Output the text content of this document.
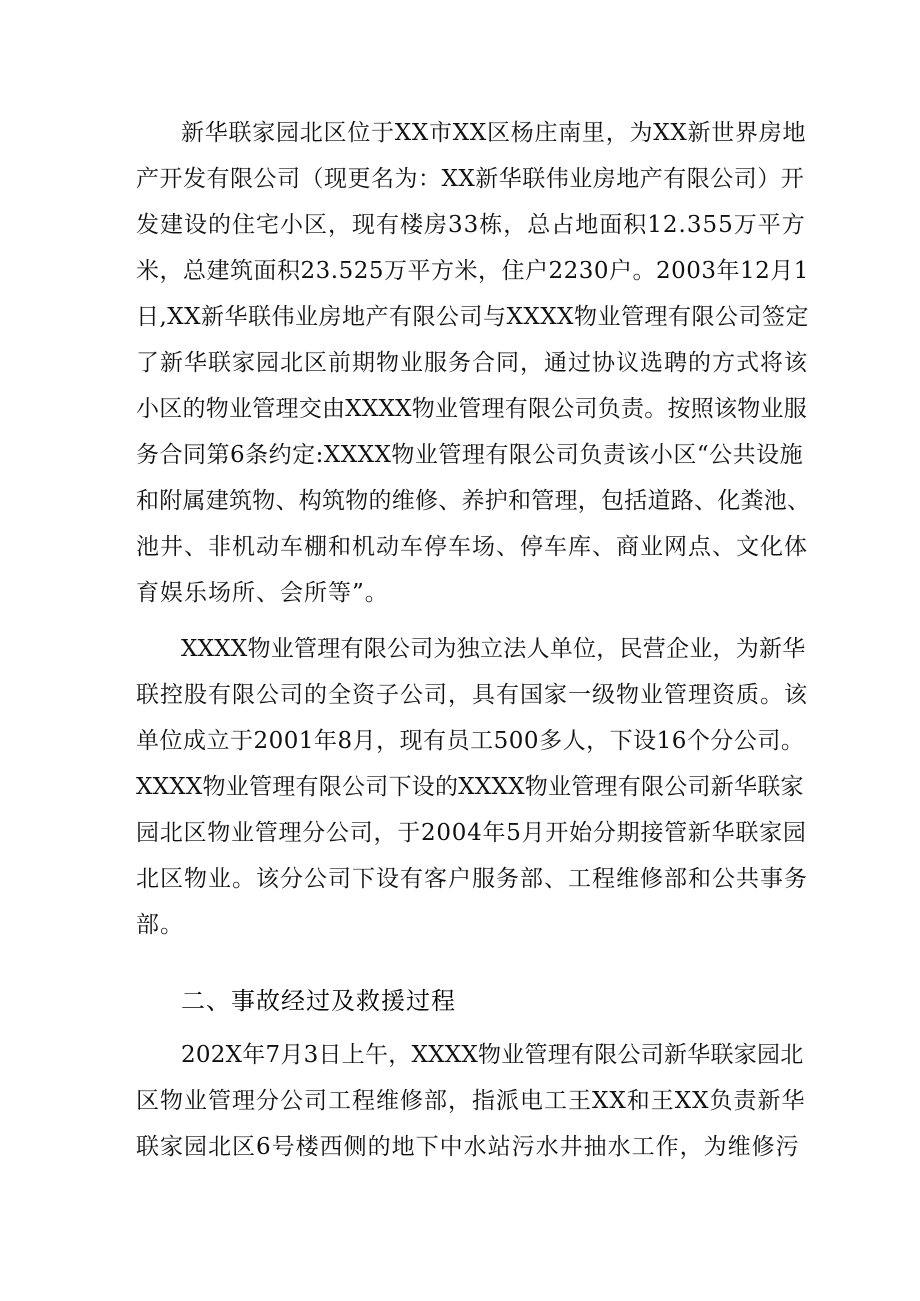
新华联家园北区位于XX市XX区杨庄南里，为XX新世界房地
产开发有限公司（现更名为：XX新华联伟业房地产有限公司）开
发建设的住宅小区，现有楼房33栋，总占地面积12.355万平方
米，总建筑面积23.525万平方米，住户2230户。2003年12月1
日,XX新华联伟业房地产有限公司与XXXX物业管理有限公司签定
了新华联家园北区前期物业服务合同，通过协议选聘的方式将该
小区的物业管理交由XXXX物业管理有限公司负责。按照该物业服
务合同第6条约定:XXXX物业管理有限公司负责该小区“公共设施
和附属建筑物、构筑物的维修、养护和管理，包括道路、化粪池、
池井、非机动车棚和机动车停车场、停车库、商业网点、文化体
育娱乐场所、会所等”。
XXXX物业管理有限公司为独立法人单位，民营企业，为新华
联控股有限公司的全资子公司，具有国家一级物业管理资质。该
单位成立于2001年8月，现有员工500多人，下设16个分公司。
XXXX物业管理有限公司下设的XXXX物业管理有限公司新华联家
园北区物业管理分公司，于2004年5月开始分期接管新华联家园
北区物业。该分公司下设有客户服务部、工程维修部和公共事务
部。
二、事故经过及救援过程
202X年7月3日上午，XXXX物业管理有限公司新华联家园北
区物业管理分公司工程维修部，指派电工王XX和王XX负责新华
联家园北区6号楼西侧的地下中水站污水井抽水工作，为维修污
